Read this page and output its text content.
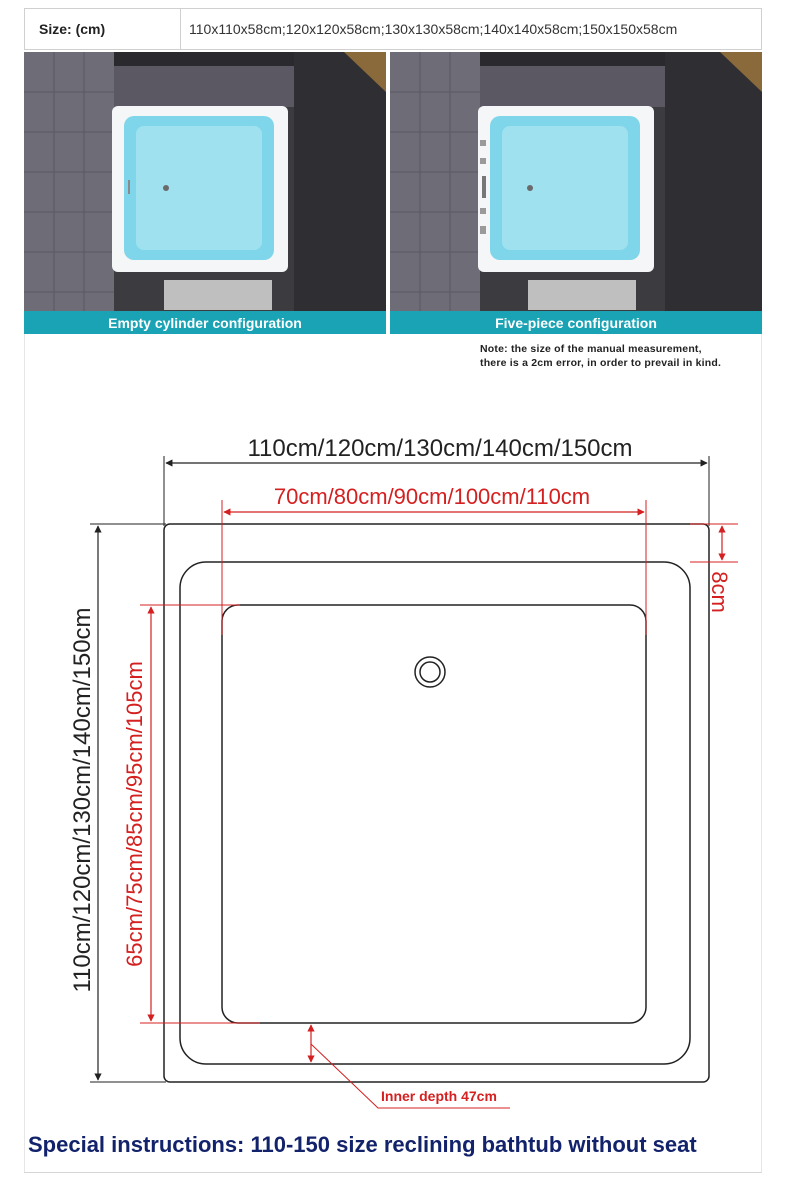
Size: (cm)	110x110x58cm;120x120x58cm;130x130x58cm;140x140x58cm;150x150x58cm
Empty cylinder configuration	Five-piece configuration
Note: the size of the manual measurement,
there is a 2cm error, in order to prevail in kind.
110cm/120cm/130cm/140cm/150cm
70cm/80cm/90cm/100cm/110cm
8cm
110cm/120cm/130cm/140cm/150cm 65cm/75cm/85cm/95cm/105cm
Inner depth 47cm
Special instructions: 110-150 size reclining bathtub without seat
